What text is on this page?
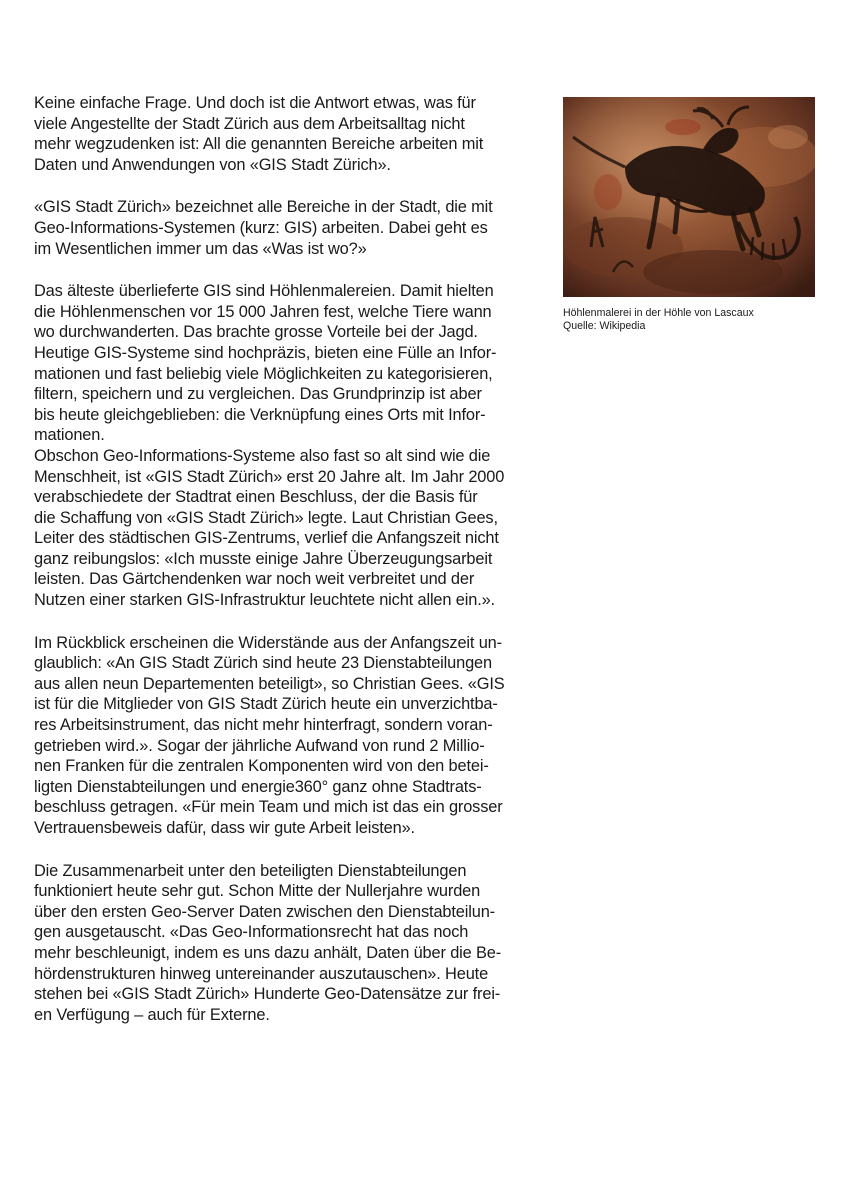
Keine einfache Frage. Und doch ist die Antwort etwas, was für
viele Angestellte der Stadt Zürich aus dem Arbeitsalltag nicht
mehr wegzudenken ist: All die genannten Bereiche arbeiten mit
Daten und Anwendungen von «GIS Stadt Zürich».

«GIS Stadt Zürich» bezeichnet alle Bereiche in der Stadt, die mit
Geo-Informations-Systemen (kurz: GIS) arbeiten. Dabei geht es
im Wesentlichen immer um das «Was ist wo?»

Das älteste überlieferte GIS sind Höhlenmalereien. Damit hielten
die Höhlenmenschen vor 15 000 Jahren fest, welche Tiere wann
wo durchwanderten. Das brachte grosse Vorteile bei der Jagd.
Heutige GIS-Systeme sind hochpräzis, bieten eine Fülle an Infor-
mationen und fast beliebig viele Möglichkeiten zu kategorisieren,
filtern, speichern und zu vergleichen. Das Grundprinzip ist aber
bis heute gleichgeblieben: die Verknüpfung eines Orts mit Infor-
mationen.
Obschon Geo-Informations-Systeme also fast so alt sind wie die
Menschheit, ist «GIS Stadt Zürich» erst 20 Jahre alt. Im Jahr 2000
verabschiedete der Stadtrat einen Beschluss, der die Basis für
die Schaffung von «GIS Stadt Zürich» legte. Laut Christian Gees,
Leiter des städtischen GIS-Zentrums, verlief die Anfangszeit nicht
ganz reibungslos: «Ich musste einige Jahre Überzeugungsarbeit
leisten. Das Gärtchendenken war noch weit verbreitet und der
Nutzen einer starken GIS-Infrastruktur leuchtete nicht allen ein.».

Im Rückblick erscheinen die Widerstände aus der Anfangszeit un-
glaublich: «An GIS Stadt Zürich sind heute 23 Dienstabteilungen
aus allen neun Departementen beteiligt», so Christian Gees. «GIS
ist für die Mitglieder von GIS Stadt Zürich heute ein unverzichtba-
res Arbeitsinstrument, das nicht mehr hinterfragt, sondern voran-
getrieben wird.». Sogar der jährliche Aufwand von rund 2 Millio-
nen Franken für die zentralen Komponenten wird von den betei-
ligten Dienstabteilungen und energie360° ganz ohne Stadtrats-
beschluss getragen. «Für mein Team und mich ist das ein grosser
Vertrauensbeweis dafür, dass wir gute Arbeit leisten».

Die Zusammenarbeit unter den beteiligten Dienstabteilungen
funktioniert heute sehr gut. Schon Mitte der Nullerjahre wurden
über den ersten Geo-Server Daten zwischen den Dienstabteilun-
gen ausgetauscht. «Das Geo-Informationsrecht hat das noch
mehr beschleunigt, indem es uns dazu anhält, Daten über die Be-
hördenstrukturen hinweg untereinander auszutauschen». Heute
stehen bei «GIS Stadt Zürich» Hunderte Geo-Datensätze zur frei-
en Verfügung – auch für Externe.

Höhlenmalerei in der Höhle von Lascaux
Quelle: Wikipedia
